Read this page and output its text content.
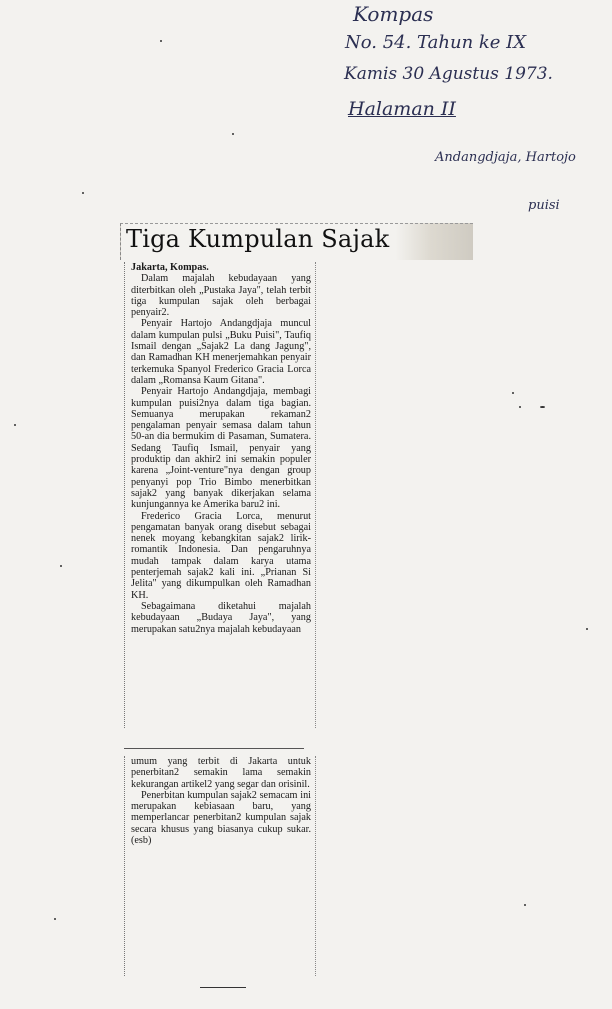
Kompas
No. 54. Tahun ke IX
Kamis 30 Agustus 1973.
Halaman II
Andangdjaja, Hartojo
puisi
Tiga Kumpulan Sajak

Jakarta, Kompas.

Dalam majalah kebudayaan yang diterbitkan oleh „Pustaka Jaya", telah terbit tiga kumpulan sajak oleh berbagai penyair2.

Penyair Hartojo Andangdjaja muncul dalam kumpulan pulsi „Buku Puisi", Taufiq Ismail dengan „Sajak2 La dang Jagung", dan Ramadhan KH menerjemahkan penyair terkemuka Spanyol Frederico Gracia Lorca dalam „Romansa Kaum Gitana".

Penyair Hartojo Andangdjaja, membagi kumpulan puisi2nya dalam tiga bagian. Semuanya merupakan rekaman2 pengalaman penyair semasa dalam tahun 50-an dia bermukim di Pasaman, Sumatera. Sedang Taufiq Ismail, penyair yang produktip dan akhir2 ini semakin populer karena „Joint-venture"nya dengan group penyanyi pop Trio Bimbo menerbitkan sajak2 yang banyak dikerjakan selama kunjungannya ke Amerika baru2 ini.

Frederico Gracia Lorca, menurut pengamatan banyak orang disebut sebagai nenek moyang kebangkitan sajak2 lirik-romantik Indonesia. Dan pengaruhnya mudah tampak dalam karya utama penterjemah sajak2 kali ini. „Prianan Si Jelita" yang dikumpulkan oleh Ramadhan KH.

Sebagaimana diketahui majalah kebudayaan „Budaya Jaya", yang merupakan satu2nya majalah kebudayaan

umum yang terbit di Jakarta untuk penerbitan2 semakin lama semakin kekurangan artikel2 yang segar dan orisinil.

Penerbitan kumpulan sajak2 semacam ini merupakan kebiasaan baru, yang memperlancar penerbitan2 kumpulan sajak secara khusus yang biasanya cukup sukar. (esb)
